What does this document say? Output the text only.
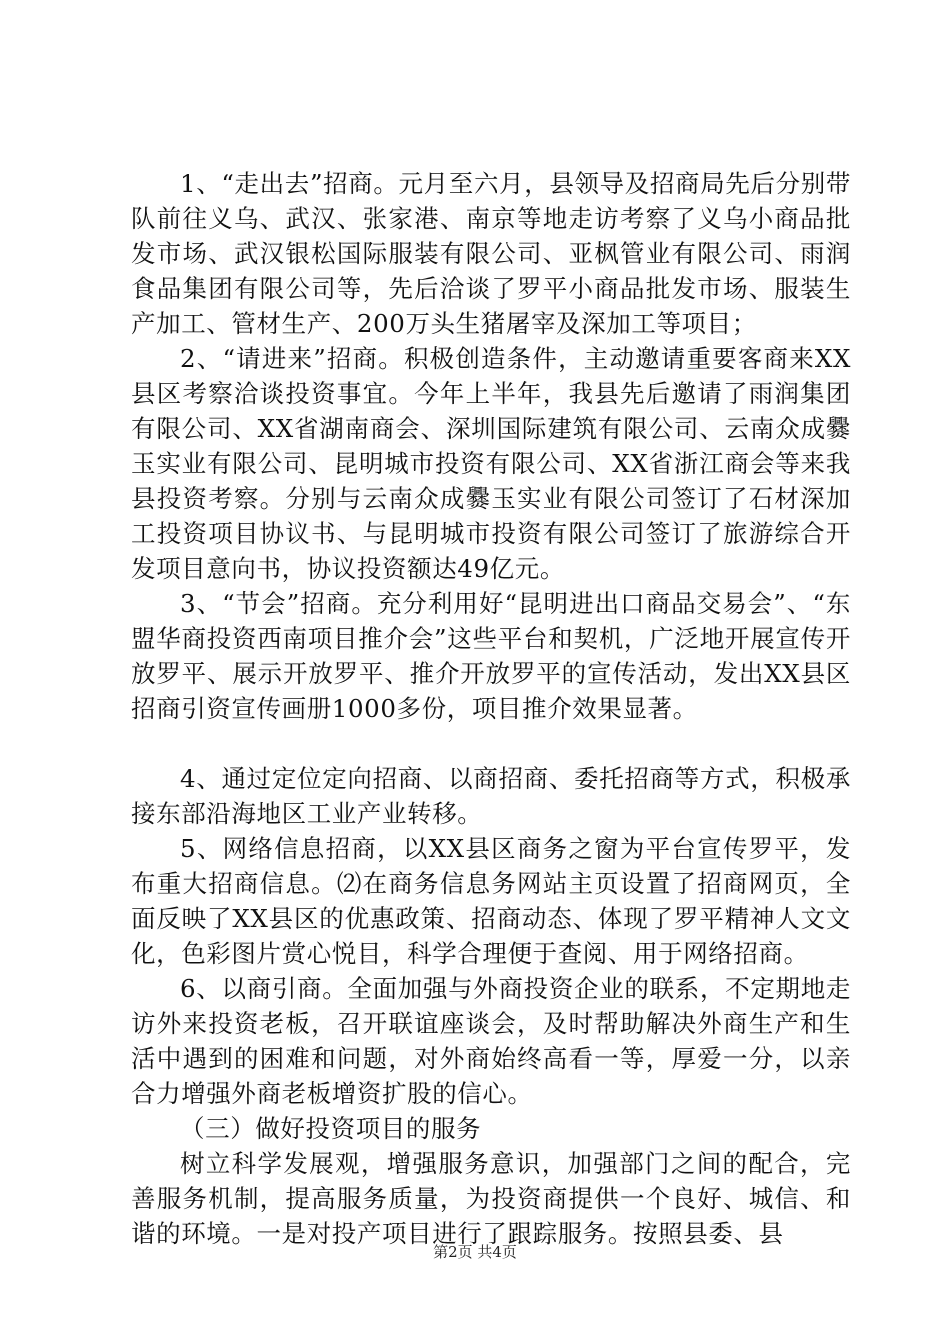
1、“走出去”招商。元月至六月，县领导及招商局先后分别带队前往义乌、武汉、张家港、南京等地走访考察了义乌小商品批发市场、武汉银松国际服装有限公司、亚枫管业有限公司、雨润食品集团有限公司等，先后洽谈了罗平小商品批发市场、服装生产加工、管材生产、200万头生猪屠宰及深加工等项目；

2、“请进来”招商。积极创造条件，主动邀请重要客商来XX县区考察洽谈投资事宜。今年上半年，我县先后邀请了雨润集团有限公司、XX省湖南商会、深圳国际建筑有限公司、云南众成爨玉实业有限公司、昆明城市投资有限公司、XX省浙江商会等来我县投资考察。分别与云南众成爨玉实业有限公司签订了石材深加工投资项目协议书、与昆明城市投资有限公司签订了旅游综合开发项目意向书，协议投资额达49亿元。

3、“节会”招商。充分利用好“昆明进出口商品交易会”、“东盟华商投资西南项目推介会”这些平台和契机，广泛地开展宣传开放罗平、展示开放罗平、推介开放罗平的宣传活动，发出XX县区招商引资宣传画册1000多份，项目推介效果显著。

4、通过定位定向招商、以商招商、委托招商等方式，积极承接东部沿海地区工业产业转移。

5、网络信息招商，以XX县区商务之窗为平台宣传罗平，发布重大招商信息。⑵在商务信息务网站主页设置了招商网页，全面反映了XX县区的优惠政策、招商动态、体现了罗平精神人文文化，色彩图片赏心悦目，科学合理便于查阅、用于网络招商。

6、以商引商。全面加强与外商投资企业的联系，不定期地走访外来投资老板，召开联谊座谈会，及时帮助解决外商生产和生活中遇到的困难和问题，对外商始终高看一等，厚爱一分，以亲合力增强外商老板增资扩股的信心。

（三）做好投资项目的服务

树立科学发展观，增强服务意识，加强部门之间的配合，完善服务机制，提高服务质量，为投资商提供一个良好、城信、和谐的环境。一是对投产项目进行了跟踪服务。按照县委、县

第2页 共4页
